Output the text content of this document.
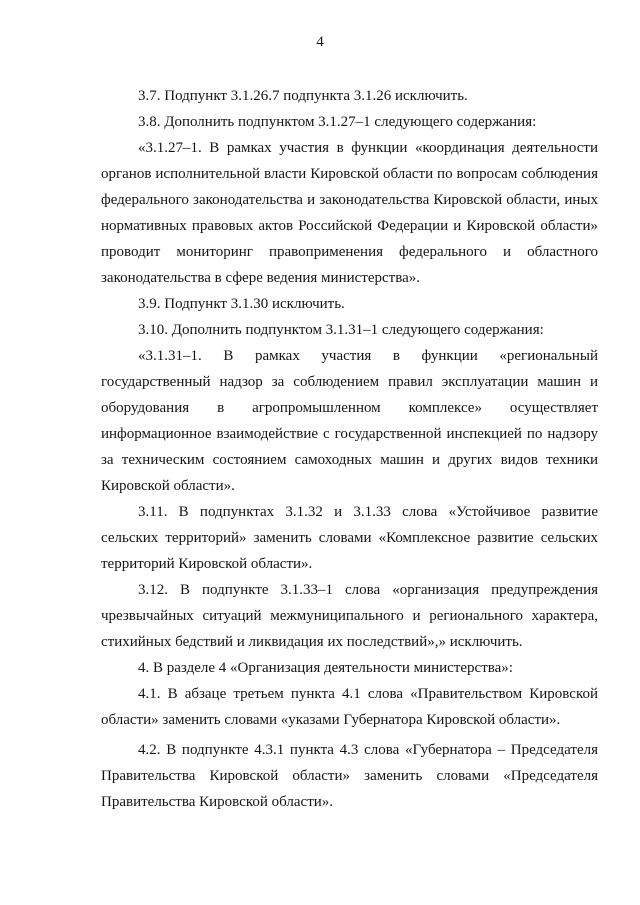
4
3.7. Подпункт 3.1.26.7 подпункта 3.1.26 исключить.
3.8. Дополнить подпунктом 3.1.27–1 следующего содержания:
«3.1.27–1. В рамках участия в функции «координация деятельности
органов исполнительной власти Кировской области по вопросам соблюдения
федерального законодательства и законодательства Кировской области, иных
нормативных правовых актов Российской Федерации и Кировской области»
проводит мониторинг правоприменения федерального и областного
законодательства в сфере ведения министерства».
3.9. Подпункт 3.1.30 исключить.
3.10. Дополнить подпунктом 3.1.31–1 следующего содержания:
«3.1.31–1. В рамках участия в функции «региональный
государственный надзор за соблюдением правил эксплуатации машин и
оборудования в агропромышленном комплексе» осуществляет
информационное взаимодействие с государственной инспекцией по надзору
за техническим состоянием самоходных машин и других видов техники
Кировской области».
3.11. В подпунктах 3.1.32 и 3.1.33 слова «Устойчивое развитие
сельских территорий» заменить словами «Комплексное развитие сельских
территорий Кировской области».
3.12. В подпункте 3.1.33–1 слова «организация предупреждения
чрезвычайных ситуаций межмуниципального и регионального характера,
стихийных бедствий и ликвидация их последствий»,» исключить.
4. В разделе 4 «Организация деятельности министерства»:
4.1. В абзаце третьем пункта 4.1 слова «Правительством Кировской
области» заменить словами «указами Губернатора Кировской области».
4.2. В подпункте 4.3.1 пункта 4.3 слова «Губернатора – Председателя
Правительства Кировской области» заменить словами «Председателя
Правительства Кировской области».
